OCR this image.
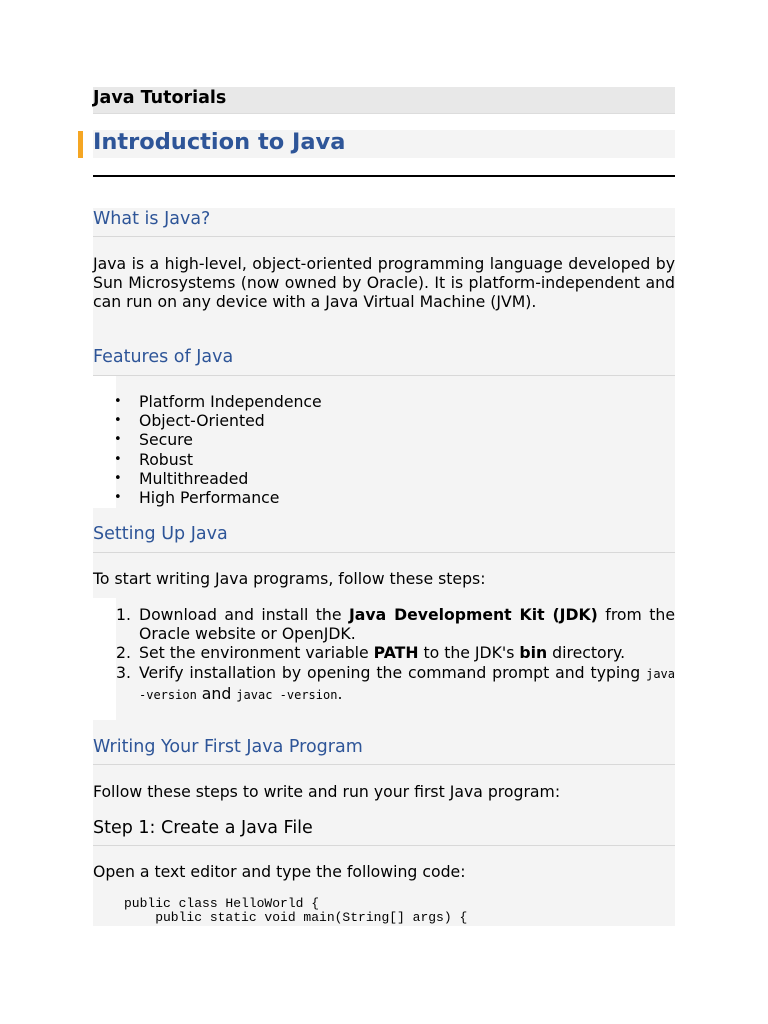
Java Tutorials
Introduction to Java
What is Java?

Java is a high-level, object-oriented programming language developed by Sun Microsystems (now owned by Oracle). It is platform-independent and can run on any device with a Java Virtual Machine (JVM).

Features of Java
• Platform Independence
• Object-Oriented
• Secure
• Robust
• Multithreaded
• High Performance
Setting Up Java

To start writing Java programs, follow these steps:

1. Download and install the Java Development Kit (JDK) from the Oracle website or OpenJDK.
2. Set the environment variable PATH to the JDK's bin directory.
3. Verify installation by opening the command prompt and typing java -version and javac -version.
Writing Your First Java Program

Follow these steps to write and run your first Java program:

Step 1: Create a Java File

Open a text editor and type the following code:

public class HelloWorld {
public static void main(String[] args) {
